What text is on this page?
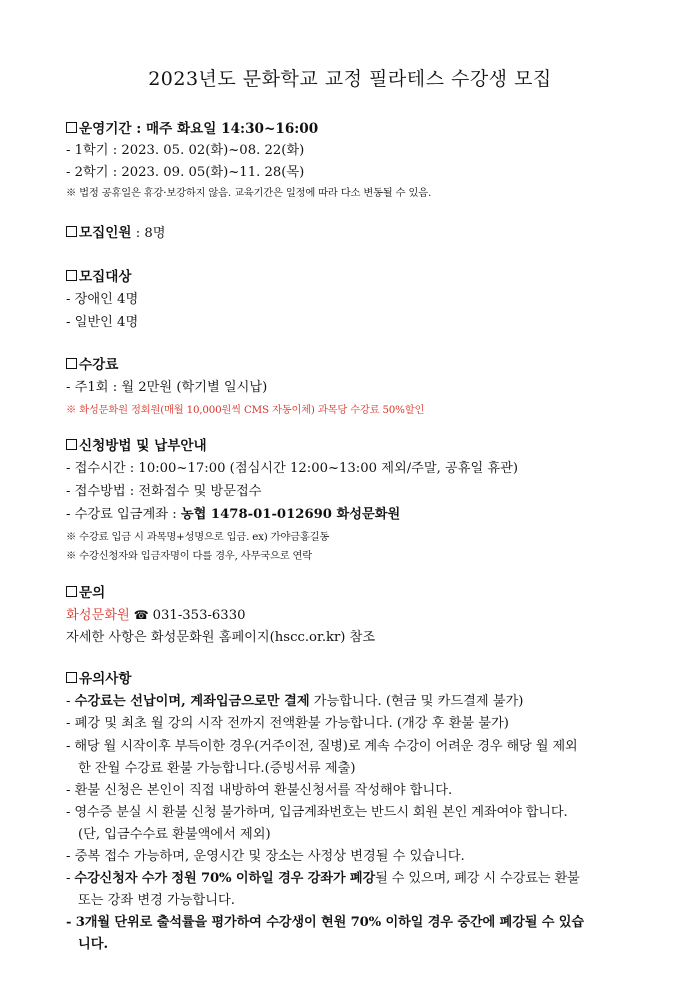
2023년도 문화학교 교정 필라테스 수강생 모집
운영기간 : 매주 화요일 14:30~16:00
- 1학기 : 2023. 05. 02(화)~08. 22(화)
- 2학기 : 2023. 09. 05(화)~11. 28(목)
※ 법정 공휴일은 휴강·보강하지 않음. 교육기간은 일정에 따라 다소 변동될 수 있음.
모집인원 : 8명
모집대상
- 장애인 4명
- 일반인 4명
수강료
- 주1회 : 월 2만원 (학기별 일시납)
※ 화성문화원 정회원(매월 10,000원씩 CMS 자동이체) 과목당 수강료 50%할인
신청방법 및 납부안내
- 접수시간 : 10:00~17:00 (점심시간 12:00~13:00 제외/주말, 공휴일 휴관)
- 접수방법 : 전화접수 및 방문접수
- 수강료 입금계좌 : 농협 1478-01-012690 화성문화원
※ 수강료 입금 시 과목명+성명으로 입금. ex) 가야금홍길동
※ 수강신청자와 입금자명이 다를 경우, 사무국으로 연락
문의
화성문화원 ☎ 031-353-6330
자세한 사항은 화성문화원 홈페이지(hscc.or.kr) 참조
유의사항
- 수강료는 선납이며, 계좌입금으로만 결제 가능합니다. (현금 및 카드결제 불가)
- 폐강 및 최초 월 강의 시작 전까지 전액환불 가능합니다. (개강 후 환불 불가)
- 해당 월 시작이후 부득이한 경우(거주이전, 질병)로 계속 수강이 어려운 경우 해당 월 제외
한 잔월 수강료 환불 가능합니다.(증빙서류 제출)
- 환불 신청은 본인이 직접 내방하여 환불신청서를 작성해야 합니다.
- 영수증 분실 시 환불 신청 불가하며, 입금계좌번호는 반드시 회원 본인 계좌여야 합니다.
(단, 입금수수료 환불액에서 제외)
- 중복 접수 가능하며, 운영시간 및 장소는 사정상 변경될 수 있습니다.
- 수강신청자 수가 정원 70% 이하일 경우 강좌가 폐강될 수 있으며, 폐강 시 수강료는 환불
또는 강좌 변경 가능합니다.
- 3개월 단위로 출석률을 평가하여 수강생이 현원 70% 이하일 경우 중간에 폐강될 수 있습
니다.
